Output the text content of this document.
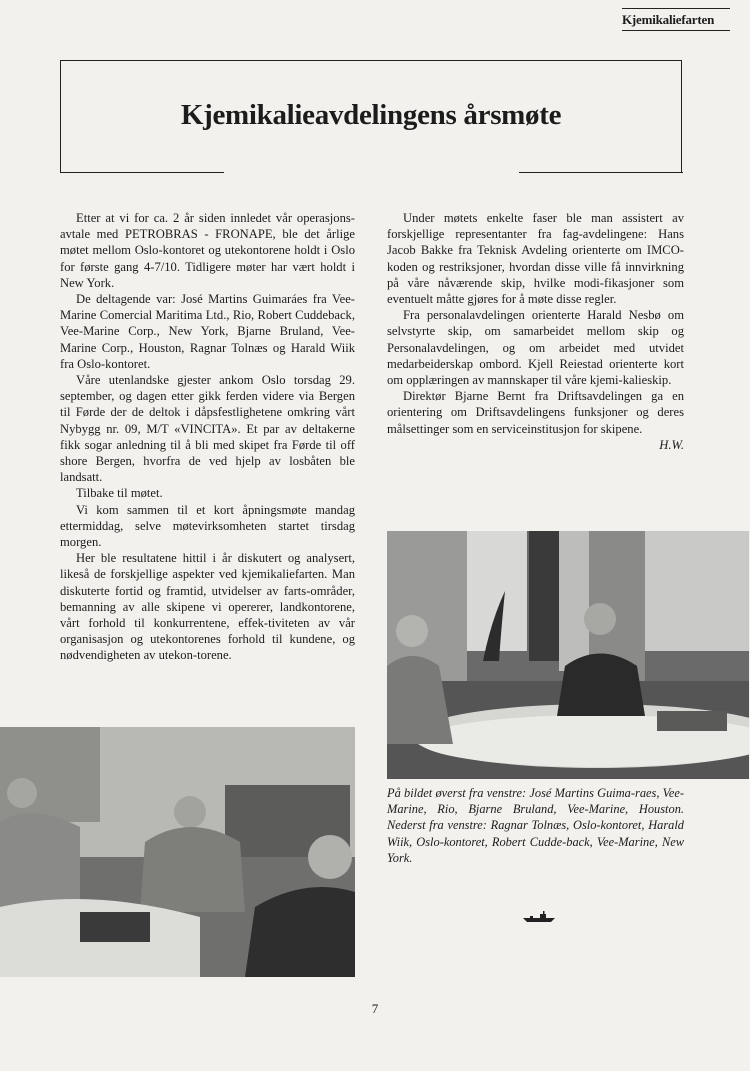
Kjemikaliefarten
Kjemikalieavdelingens årsmøte

Etter at vi for ca. 2 år siden innledet vår operasjons-avtale med PETROBRAS - FRONAPE, ble det årlige møtet mellom Oslo-kontoret og utekontorene holdt i Oslo for første gang 4-7/10. Tidligere møter har vært holdt i New York.

De deltagende var: José Martins Guimaráes fra Vee-Marine Comercial Maritima Ltd., Rio, Robert Cuddeback, Vee-Marine Corp., New York, Bjarne Bruland, Vee-Marine Corp., Houston, Ragnar Tolnæs og Harald Wiik fra Oslo-kontoret.

Våre utenlandske gjester ankom Oslo torsdag 29. september, og dagen etter gikk ferden videre via Bergen til Førde der de deltok i dåpsfestlighetene omkring vårt Nybygg nr. 09, M/T «VINCITA». Et par av deltakerne fikk sogar anledning til å bli med skipet fra Førde til off shore Bergen, hvorfra de ved hjelp av losbåten ble landsatt.

Tilbake til møtet.

Vi kom sammen til et kort åpningsmøte mandag ettermiddag, selve møtevirksomheten startet tirsdag morgen.

Her ble resultatene hittil i år diskutert og analysert, likeså de forskjellige aspekter ved kjemikaliefarten. Man diskuterte fortid og framtid, utvidelser av farts-områder, bemanning av alle skipene vi opererer, landkontorene, vårt forhold til konkurrentene, effek-tiviteten av vår organisasjon og utekontorenes forhold til kundene, og nødvendigheten av utekon-torene.

Under møtets enkelte faser ble man assistert av forskjellige representanter fra fag-avdelingene: Hans Jacob Bakke fra Teknisk Avdeling orienterte om IMCO-koden og restriksjoner, hvordan disse ville få innvirkning på våre nåværende skip, hvilke modi-fikasjoner som eventuelt måtte gjøres for å møte disse regler.

Fra personalavdelingen orienterte Harald Nesbø om selvstyrte skip, om samarbeidet mellom skip og Personalavdelingen, og om arbeidet med utvidet medarbeiderskap ombord. Kjell Reiestad orienterte kort om opplæringen av mannskaper til våre kjemi-kalieskip.

Direktør Bjarne Bernt fra Driftsavdelingen ga en orientering om Driftsavdelingens funksjoner og deres målsettinger som en serviceinstitusjon for skipene.

H.W.

På bildet øverst fra venstre: José Martins Guima-raes, Vee-Marine, Rio, Bjarne Bruland, Vee-Marine, Houston. Nederst fra venstre: Ragnar Tolnæs, Oslo-kontoret, Harald Wiik, Oslo-kontoret, Robert Cudde-back, Vee-Marine, New York.
7
